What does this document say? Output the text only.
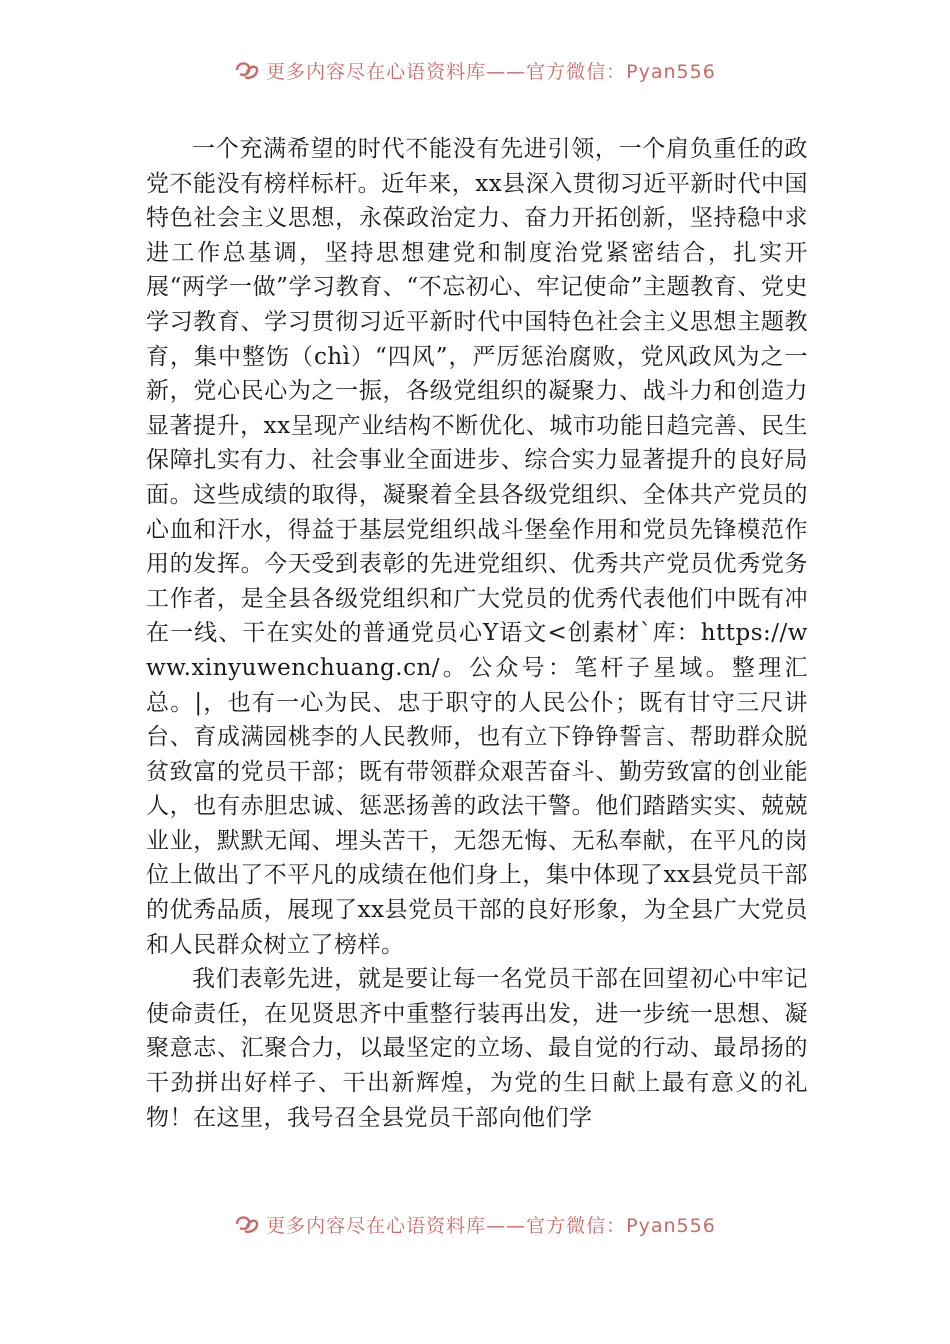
更多内容尽在心语资料库——官方微信：Pyan556

一个充满希望的时代不能没有先进引领，一个肩负重任的政党不能没有榜样标杆。近年来，xx县深入贯彻习近平新时代中国特色社会主义思想，永葆政治定力、奋力开拓创新，坚持稳中求进工作总基调，坚持思想建党和制度治党紧密结合，扎实开展“两学一做”学习教育、“不忘初心、牢记使命”主题教育、党史学习教育、学习贯彻习近平新时代中国特色社会主义思想主题教育，集中整饬（chì）“四风”，严厉惩治腐败，党风政风为之一新，党心民心为之一振，各级党组织的凝聚力、战斗力和创造力显著提升，xx呈现产业结构不断优化、城市功能日趋完善、民生保障扎实有力、社会事业全面进步、综合实力显著提升的良好局面。这些成绩的取得，凝聚着全县各级党组织、全体共产党员的心血和汗水，得益于基层党组织战斗堡垒作用和党员先锋模范作用的发挥。今天受到表彰的先进党组织、优秀共产党员优秀党务工作者，是全县各级党组织和广大党员的优秀代表他们中既有冲在一线、干在实处的普通党员心Y语文<创素材`库：https://www.xinyuwenchuang.cn/。公众号：笔杆子星域。整理汇总。|，也有一心为民、忠于职守的人民公仆；既有甘守三尺讲台、育成满园桃李的人民教师，也有立下铮铮誓言、帮助群众脱贫致富的党员干部；既有带领群众艰苦奋斗、勤劳致富的创业能人，也有赤胆忠诚、惩恶扬善的政法干警。他们踏踏实实、兢兢业业，默默无闻、埋头苦干，无怨无悔、无私奉献，在平凡的岗位上做出了不平凡的成绩在他们身上，集中体现了xx县党员干部的优秀品质，展现了xx县党员干部的良好形象，为全县广大党员和人民群众树立了榜样。

我们表彰先进，就是要让每一名党员干部在回望初心中牢记使命责任，在见贤思齐中重整行装再出发，进一步统一思想、凝聚意志、汇聚合力，以最坚定的立场、最自觉的行动、最昂扬的干劲拼出好样子、干出新辉煌，为党的生日献上最有意义的礼物！在这里，我号召全县党员干部向他们学

更多内容尽在心语资料库——官方微信：Pyan556
